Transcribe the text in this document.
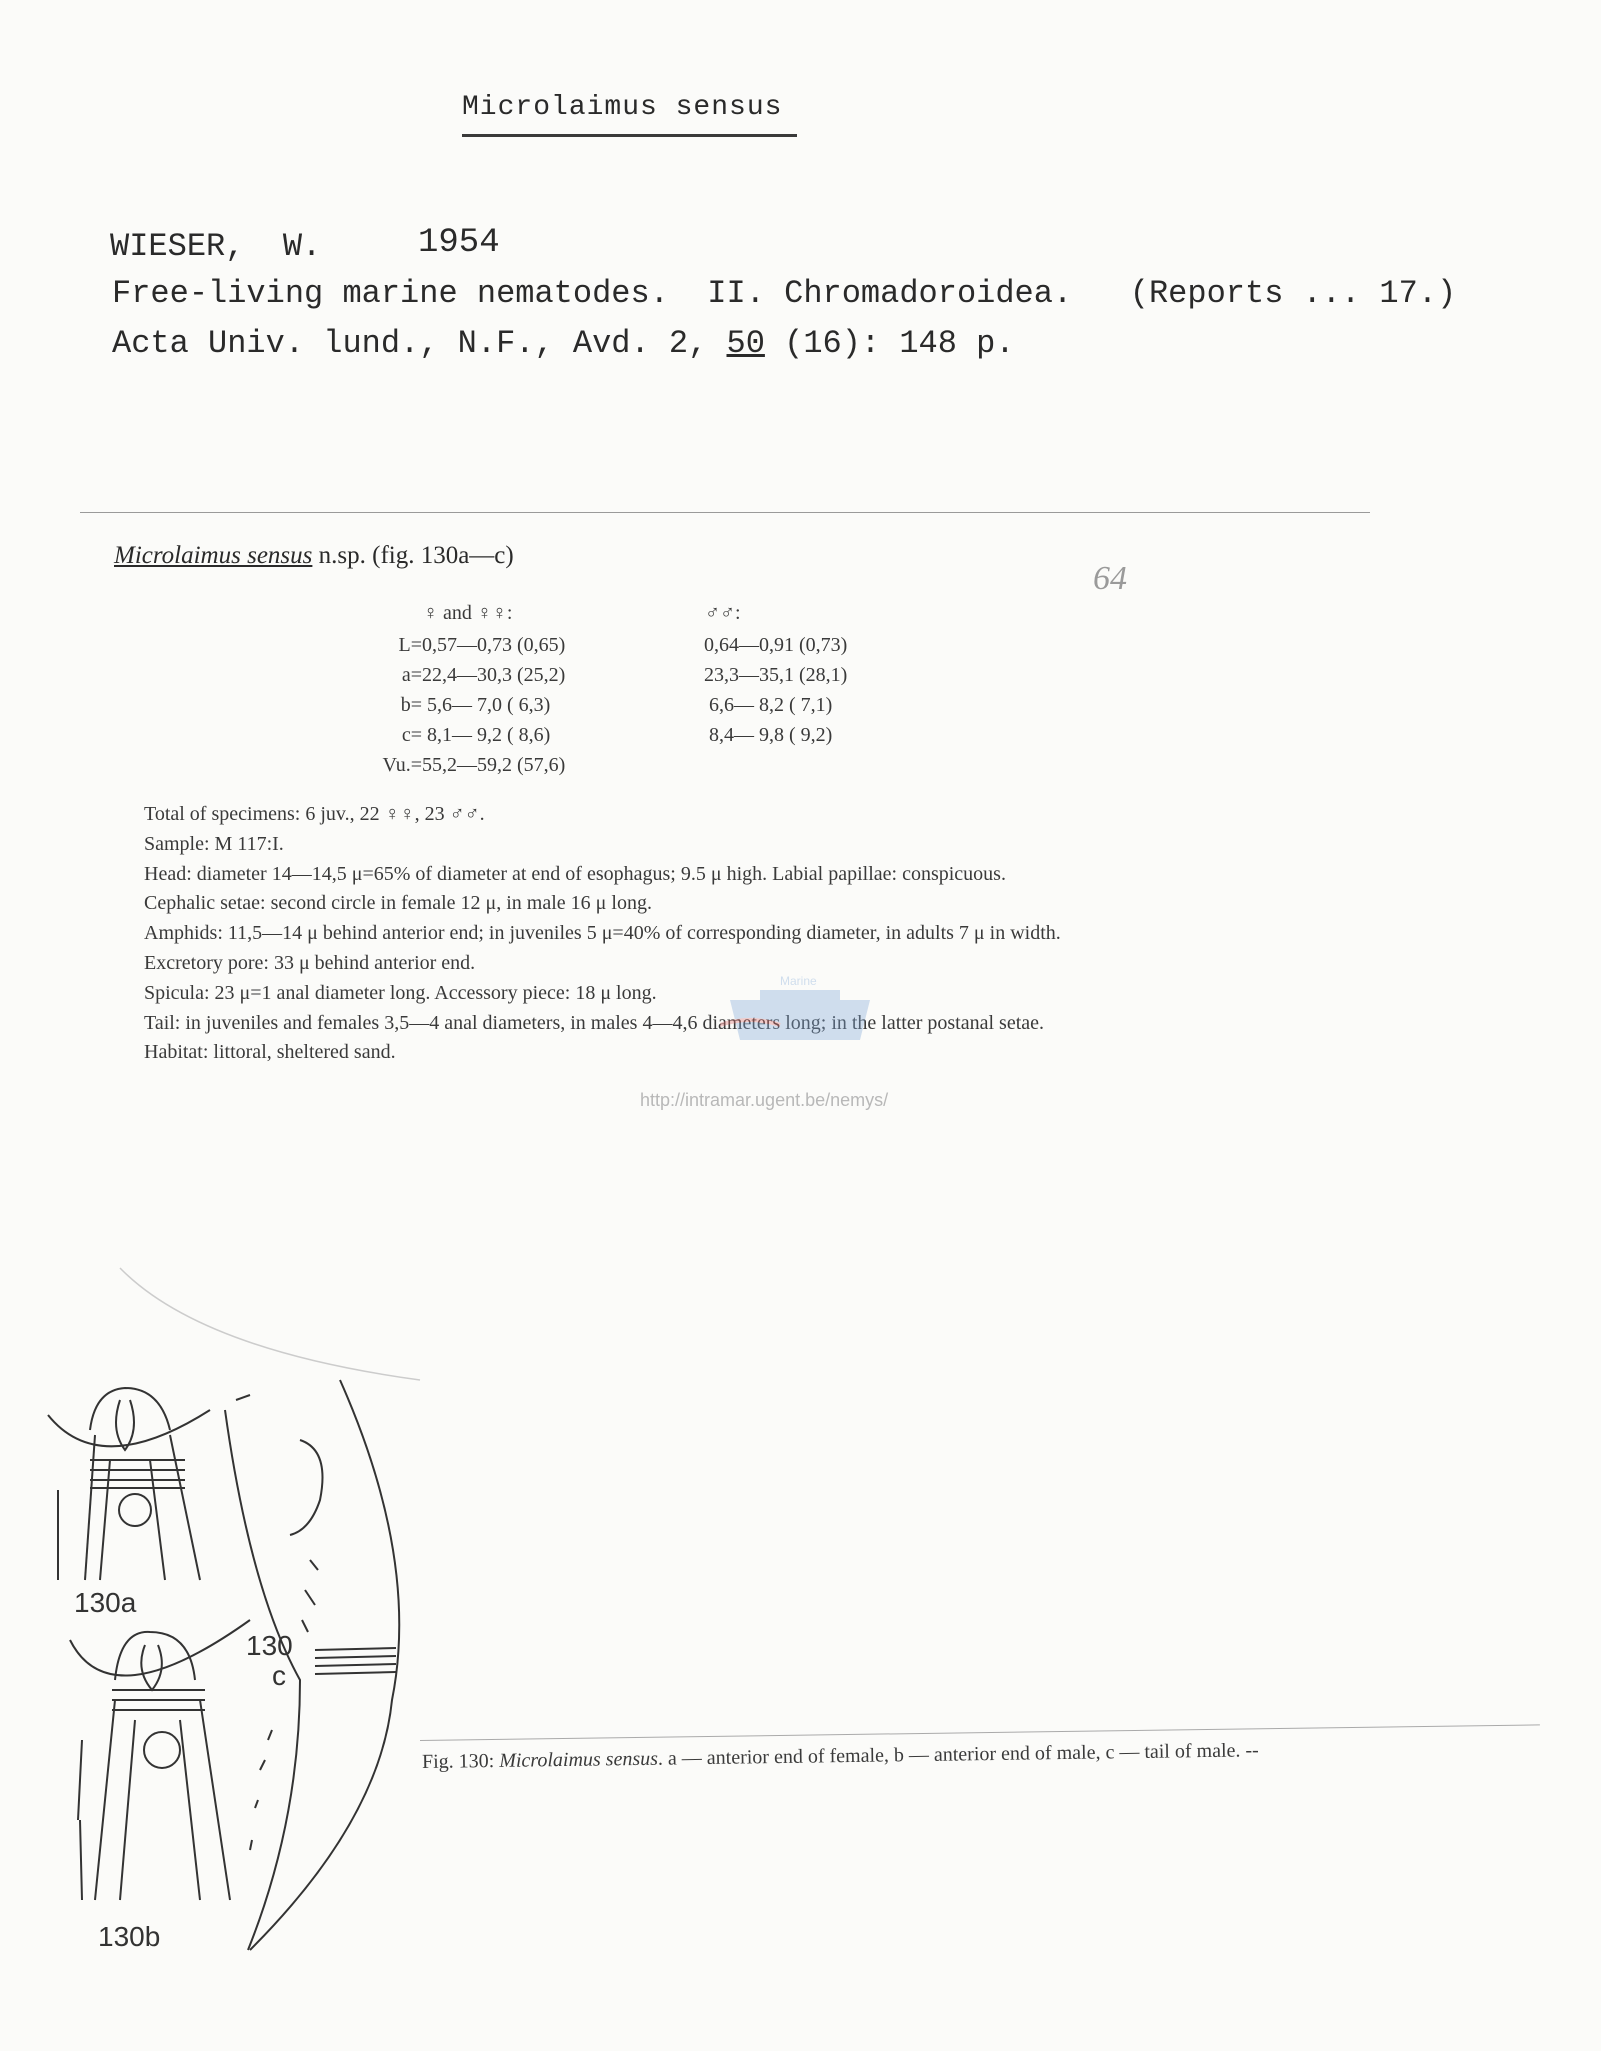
Microlaimus sensus
WIESER,  W.	1954
Free-living marine nematodes.  II. Chromadoroidea.   (Reports ... 17.)
Acta Univ. lund., N.F., Avd. 2, 50 (16): 148 p.
Microlaimus sensus n.sp. (fig. 130a—c)
64
	♀ and ♀♀:	♂♂:
L=	0,57—0,73 (0,65)	0,64—0,91 (0,73)
a=	22,4—30,3 (25,2)	23,3—35,1 (28,1)
b=	5,6— 7,0 ( 6,3)	6,6— 8,2 ( 7,1)
c=	8,1— 9,2 ( 8,6)	8,4— 9,8 ( 9,2)
Vu.=	55,2—59,2 (57,6)	

Total of specimens: 6 juv., 22 ♀♀, 23 ♂♂.

Sample: M 117:I.

Head: diameter 14—14,5 μ=65% of diameter at end of esophagus; 9.5 μ high. Labial papillae: conspicuous.

Cephalic setae: second circle in female 12 μ, in male 16 μ long.

Amphids: 11,5—14 μ behind anterior end; in juveniles 5 μ=40% of corresponding diameter, in adults 7 μ in width.

Excretory pore: 33 μ behind anterior end.

Spicula: 23 μ=1 anal diameter long. Accessory piece: 18 μ long.

Tail: in juveniles and females 3,5—4 anal diameters, in males 4—4,6 diameters long; in the latter postanal setae.

Habitat: littoral, sheltered sand.

Marine
http://intramar.ugent.be/nemys/
130a
130b
130
c
Fig. 130: Microlaimus sensus. a — anterior end of female, b — anterior end of male, c — tail of male. --
